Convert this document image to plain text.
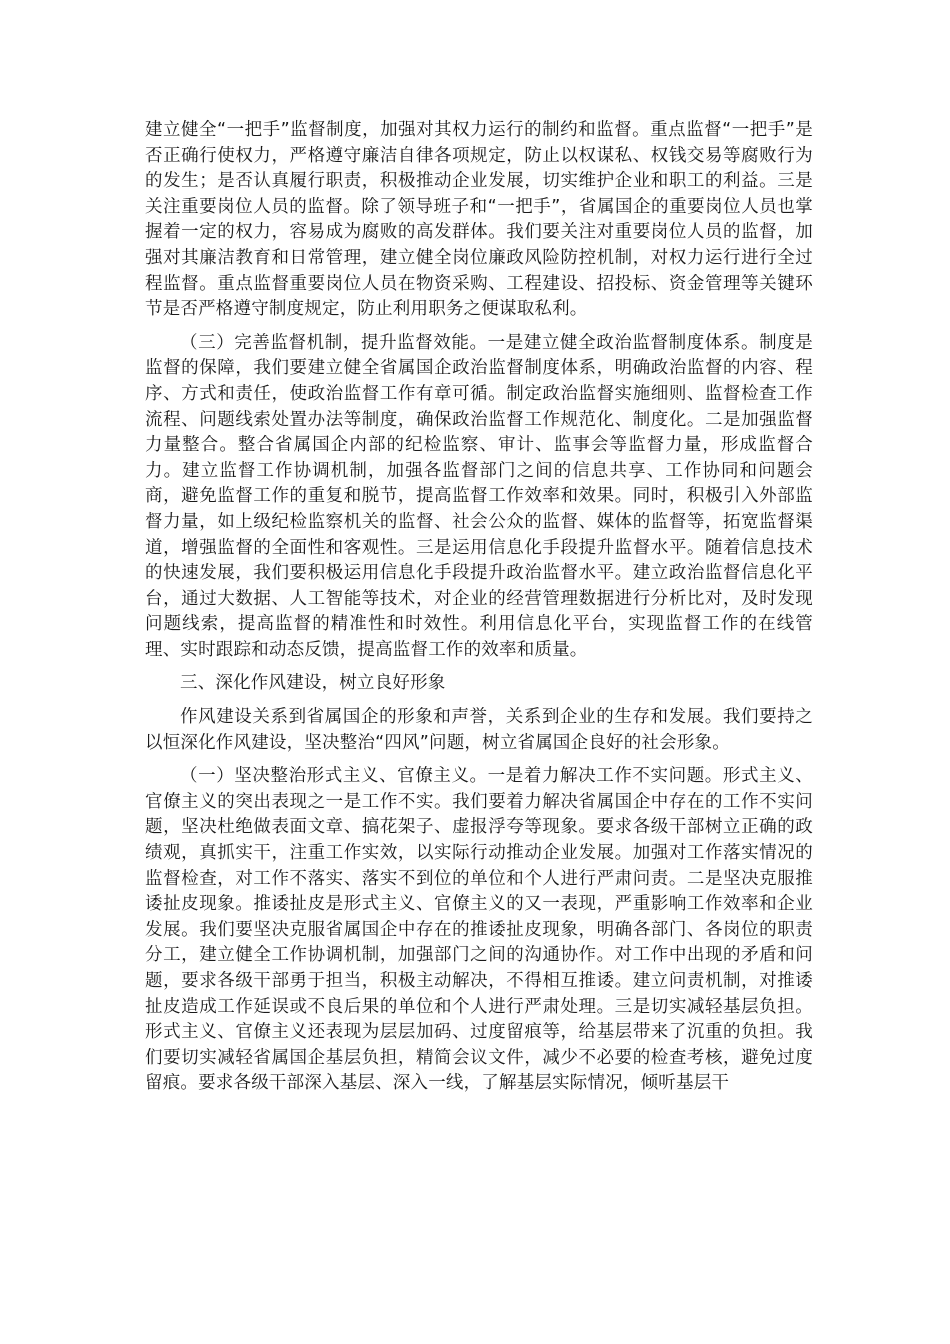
建立健全“一把手”监督制度，加强对其权力运行的制约和监督。重点监督“一把手”是否正确行使权力，严格遵守廉洁自律各项规定，防止以权谋私、权钱交易等腐败行为的发生；是否认真履行职责，积极推动企业发展，切实维护企业和职工的利益。三是关注重要岗位人员的监督。除了领导班子和“一把手”，省属国企的重要岗位人员也掌握着一定的权力，容易成为腐败的高发群体。我们要关注对重要岗位人员的监督，加强对其廉洁教育和日常管理，建立健全岗位廉政风险防控机制，对权力运行进行全过程监督。重点监督重要岗位人员在物资采购、工程建设、招投标、资金管理等关键环节是否严格遵守制度规定，防止利用职务之便谋取私利。

（三）完善监督机制，提升监督效能。一是建立健全政治监督制度体系。制度是监督的保障，我们要建立健全省属国企政治监督制度体系，明确政治监督的内容、程序、方式和责任，使政治监督工作有章可循。制定政治监督实施细则、监督检查工作流程、问题线索处置办法等制度，确保政治监督工作规范化、制度化。二是加强监督力量整合。整合省属国企内部的纪检监察、审计、监事会等监督力量，形成监督合力。建立监督工作协调机制，加强各监督部门之间的信息共享、工作协同和问题会商，避免监督工作的重复和脱节，提高监督工作效率和效果。同时，积极引入外部监督力量，如上级纪检监察机关的监督、社会公众的监督、媒体的监督等，拓宽监督渠道，增强监督的全面性和客观性。三是运用信息化手段提升监督水平。随着信息技术的快速发展，我们要积极运用信息化手段提升政治监督水平。建立政治监督信息化平台，通过大数据、人工智能等技术，对企业的经营管理数据进行分析比对，及时发现问题线索，提高监督的精准性和时效性。利用信息化平台，实现监督工作的在线管理、实时跟踪和动态反馈，提高监督工作的效率和质量。

三、深化作风建设，树立良好形象

作风建设关系到省属国企的形象和声誉，关系到企业的生存和发展。我们要持之以恒深化作风建设，坚决整治“四风”问题，树立省属国企良好的社会形象。

（一）坚决整治形式主义、官僚主义。一是着力解决工作不实问题。形式主义、官僚主义的突出表现之一是工作不实。我们要着力解决省属国企中存在的工作不实问题，坚决杜绝做表面文章、搞花架子、虚报浮夸等现象。要求各级干部树立正确的政绩观，真抓实干，注重工作实效，以实际行动推动企业发展。加强对工作落实情况的监督检查，对工作不落实、落实不到位的单位和个人进行严肃问责。二是坚决克服推诿扯皮现象。推诿扯皮是形式主义、官僚主义的又一表现，严重影响工作效率和企业发展。我们要坚决克服省属国企中存在的推诿扯皮现象，明确各部门、各岗位的职责分工，建立健全工作协调机制，加强部门之间的沟通协作。对工作中出现的矛盾和问题，要求各级干部勇于担当，积极主动解决，不得相互推诿。建立问责机制，对推诿扯皮造成工作延误或不良后果的单位和个人进行严肃处理。三是切实减轻基层负担。形式主义、官僚主义还表现为层层加码、过度留痕等，给基层带来了沉重的负担。我们要切实减轻省属国企基层负担，精简会议文件，减少不必要的检查考核，避免过度留痕。要求各级干部深入基层、深入一线，了解基层实际情况，倾听基层干
